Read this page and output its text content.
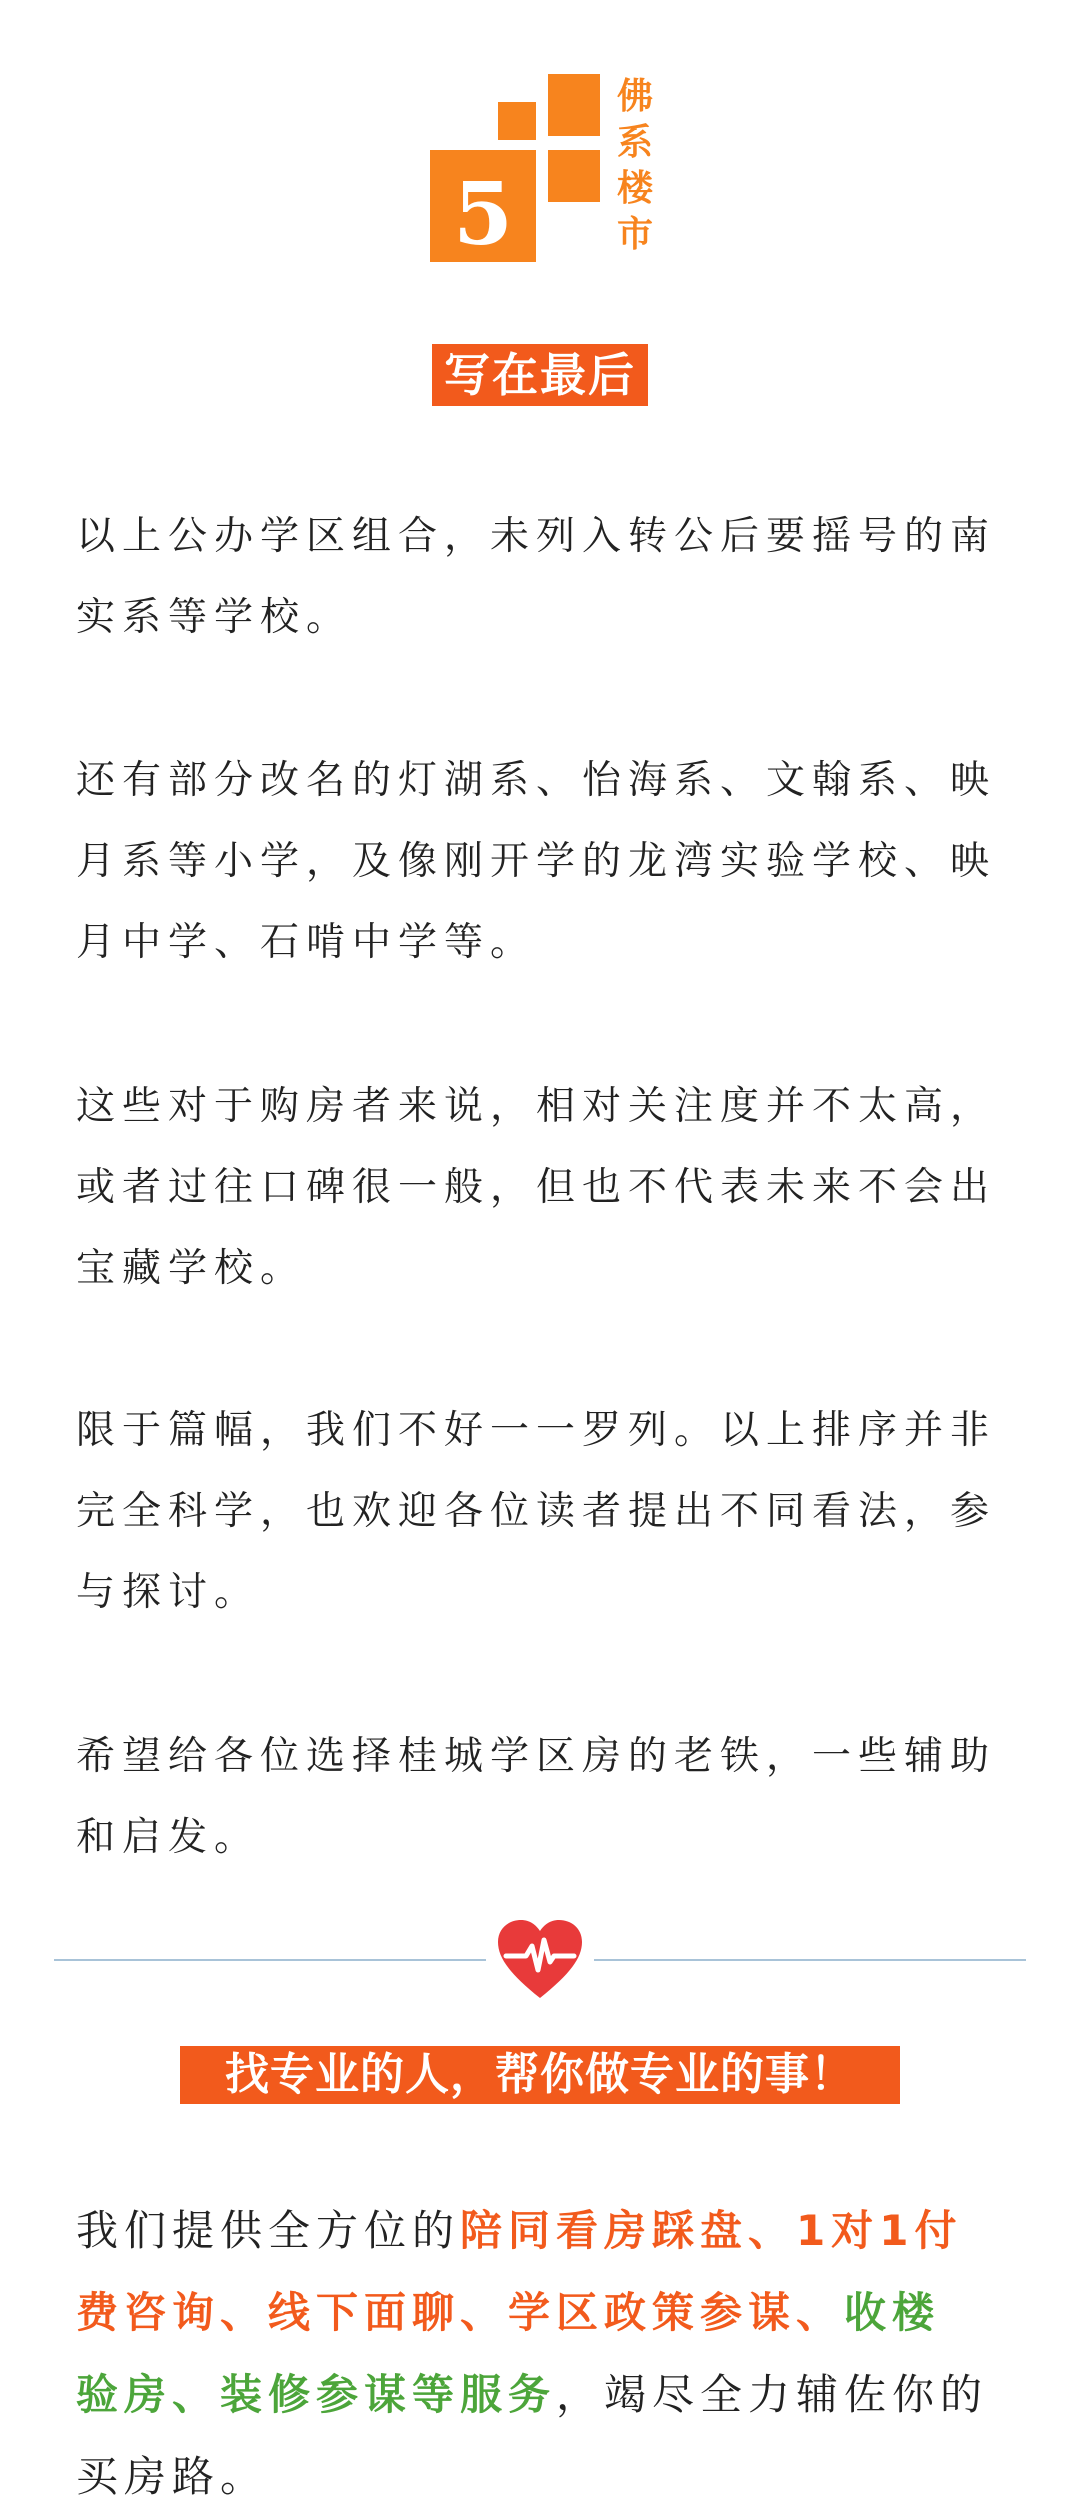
5
佛
系
楼
市
写在最后

以上公办学区组合，未列入转公后要摇号的南
实系等学校。

还有部分改名的灯湖系、怡海系、文翰系、映
月系等小学，及像刚开学的龙湾实验学校、映
月中学、石啃中学等。

这些对于购房者来说，相对关注度并不太高，
或者过往口碑很一般，但也不代表未来不会出
宝藏学校。

限于篇幅，我们不好一一罗列。以上排序并非
完全科学，也欢迎各位读者提出不同看法，参
与探讨。

希望给各位选择桂城学区房的老铁，一些辅助
和启发。

找专业的人，帮你做专业的事！

我们提供全方位的陪同看房踩盘、1对1付
费咨询、线下面聊、学区政策参谋、收楼
验房、装修参谋等服务，竭尽全力辅佐你的
买房路。
